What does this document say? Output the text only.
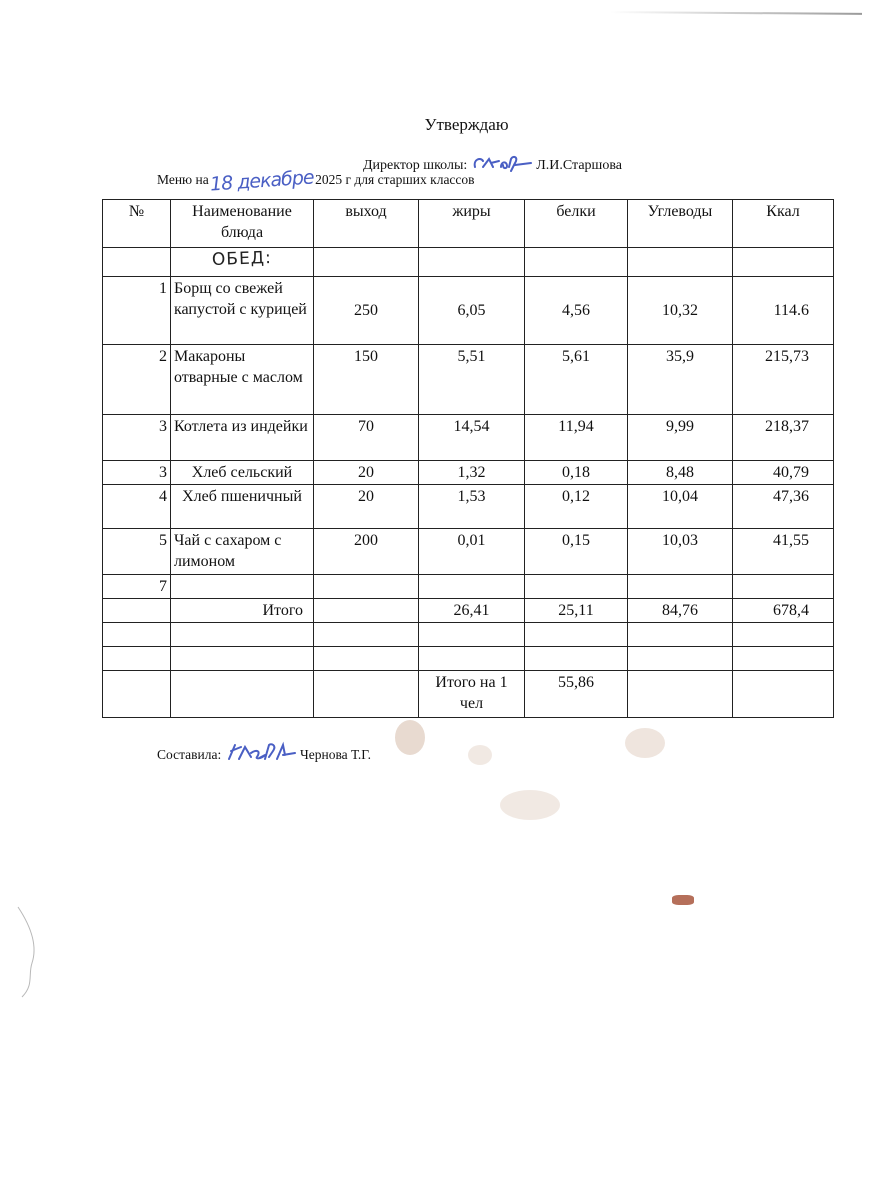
Утверждаю
Директор школы:	Л.И.Старшова
Меню на 18 декабре 2025 г для старших классов
№	Наименование блюда	выход	жиры	белки	Углеводы	Ккал
	ОБЕД:					
1	Борщ со свежей капустой с курицей	250	6,05	4,56	10,32	114.6
2	Макароны отварные с маслом	150	5,51	5,61	35,9	215,73
3	Котлета из индейки	70	14,54	11,94	9,99	218,37
3	Хлеб сельский	20	1,32	0,18	8,48	40,79
4	Хлеб пшеничный	20	1,53	0,12	10,04	47,36
5	Чай с сахаром с лимоном	200	0,01	0,15	10,03	41,55
7						
	Итого		26,41	25,11	84,76	678,4

			Итого на 1 чел	55,86		
Составила:	Чернова Т.Г.
